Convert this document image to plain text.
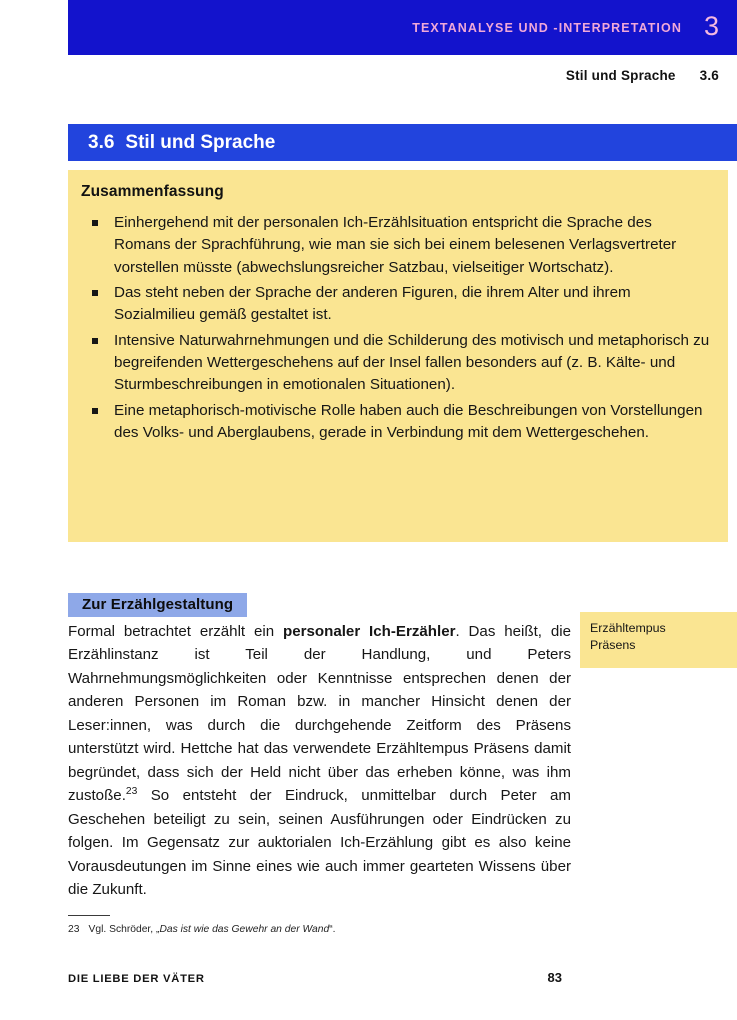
TEXTANALYSE UND -INTERPRETATION 3
Stil und Sprache 3.6
3.6 Stil und Sprache
Zusammenfassung
Einhergehend mit der personalen Ich-Erzählsituation entspricht die Sprache des Romans der Sprachführung, wie man sie sich bei einem belesenen Verlagsvertreter vorstellen müsste (abwechslungsreicher Satzbau, vielseitiger Wortschatz).
Das steht neben der Sprache der anderen Figuren, die ihrem Alter und ihrem Sozialmilieu gemäß gestaltet ist.
Intensive Naturwahrnehmungen und die Schilderung des motivisch und metaphorisch zu begreifenden Wettergeschehens auf der Insel fallen besonders auf (z. B. Kälte- und Sturmbeschreibungen in emotionalen Situationen).
Eine metaphorisch-motivische Rolle haben auch die Beschreibungen von Vorstellungen des Volks- und Aberglaubens, gerade in Verbindung mit dem Wettergeschehen.
Zur Erzählgestaltung

Formal betrachtet erzählt ein personaler Ich-Erzähler. Das heißt, die Erzählinstanz ist Teil der Handlung, und Peters Wahrnehmungsmöglichkeiten oder Kenntnisse entsprechen denen der anderen Personen im Roman bzw. in mancher Hinsicht denen der Leser:innen, was durch die durchgehende Zeitform des Präsens unterstützt wird. Hettche hat das verwendete Erzähltempus Präsens damit begründet, dass sich der Held nicht über das erheben könne, was ihm zustoße.$^{23}$ So entsteht der Eindruck, unmittelbar durch Peter am Geschehen beteiligt zu sein, seinen Ausführungen oder Eindrücken zu folgen. Im Gegensatz zur auktorialen Ich-Erzählung gibt es also keine Vorausdeutungen im Sinne eines wie auch immer gearteten Wissens über die Zukunft.

Erzähltempus
Präsens
23 Vgl. Schröder, „Das ist wie das Gewehr an der Wand“.
DIE LIEBE DER VÄTER	83
